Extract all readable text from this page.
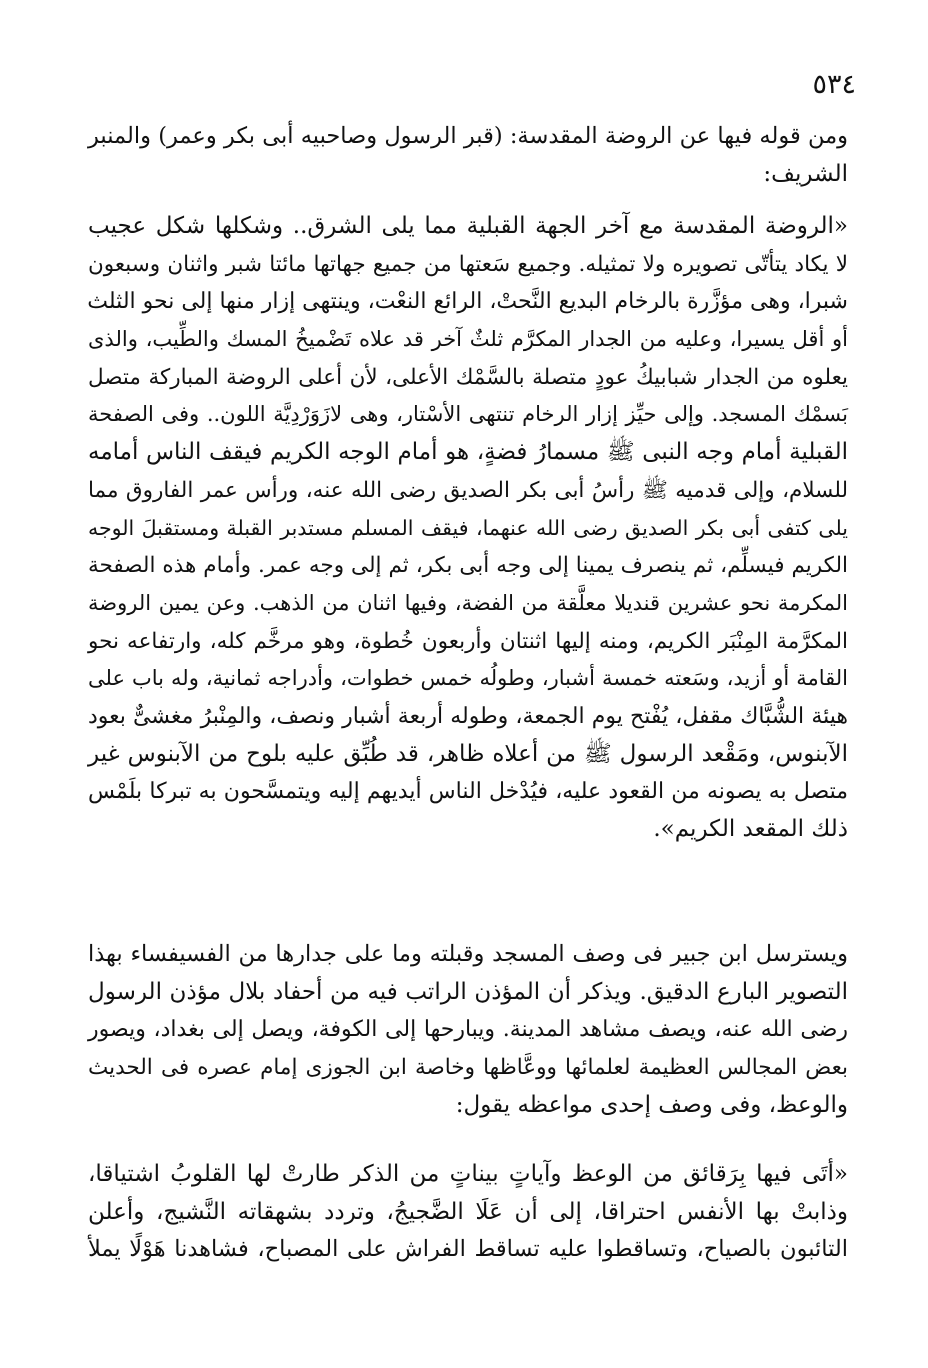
٥٣٤
ومن قوله فيها عن الروضة المقدسة: (قبر الرسول وصاحبيه أبى بكر وعمر) والمنبر
الشريف:
«الروضة المقدسة مع آخر الجهة القبلية مما يلى الشرق.. وشكلها شكل عجيب
لا يكاد يتأتّى تصويره ولا تمثيله. وجميع سَعتها من جميع جهاتها مائتا شبر واثنان وسبعون
شبرا، وهى مؤزَّرة بالرخام البديع النَّحتْ، الرائع النعْت، وينتهى إزار منها إلى نحو الثلث
أو أقل يسيرا، وعليه من الجدار المكرَّم ثلثٌ آخر قد علاه تَضْميخُ المسك والطِّيب، والذى
يعلوه من الجدار شبابيكُ عودٍ متصلة بالسَّمْك الأعلى، لأن أعلى الروضة المباركة متصل
بَسمْك المسجد. وإلى حيِّز إزار الرخام تنتهى الأسْتار، وهى لازَوَرْدِيَّة اللون.. وفى الصفحة
القبلية أمام وجه النبى ﷺ مسمارُ فضةٍ، هو أمام الوجه الكريم فيقف الناس أمامه
للسلام، وإلى قدميه ﷺ رأسُ أبى بكر الصديق رضى الله عنه، ورأس عمر الفاروق مما
يلى كتفى أبى بكر الصديق رضى الله عنهما، فيقف المسلم مستدبر القبلة ومستقبلَ الوجه
الكريم فيسلِّم، ثم ينصرف يمينا إلى وجه أبى بكر، ثم إلى وجه عمر. وأمام هذه الصفحة
المكرمة نحو عشرين قنديلا معلَّقة من الفضة، وفيها اثنان من الذهب. وعن يمين الروضة
المكرَّمة المِنْبَر الكريم، ومنه إليها اثنتان وأربعون خُطوة، وهو مرخَّم كله، وارتفاعه نحو
القامة أو أزيد، وسَعته خمسة أشبار، وطولُه خمس خطوات، وأدراجه ثمانية، وله باب على
هيئة الشُّبَّاك مقفل، يُفْتح يوم الجمعة، وطوله أربعة أشبار ونصف، والمِنْبرُ مغشىٌّ بعود
الآبنوس، ومَقْعد الرسول ﷺ من أعلاه ظاهر، قد طُبِّق عليه بلوح من الآبنوس غير
متصل به يصونه من القعود عليه، فيُدْخل الناس أيديهم إليه ويتمسَّحون به تبركا بلَمْس
ذلك المقعد الكريم».
ويسترسل ابن جبير فى وصف المسجد وقبلته وما على جدارها من الفسيفساء بهذا
التصوير البارع الدقيق. ويذكر أن المؤذن الراتب فيه من أحفاد بلال مؤذن الرسول
رضى الله عنه، ويصف مشاهد المدينة. ويبارحها إلى الكوفة، ويصل إلى بغداد، ويصور
بعض المجالس العظيمة لعلمائها ووعَّاظها وخاصة ابن الجوزى إمام عصره فى الحديث
والوعظ، وفى وصف إحدى مواعظه يقول:
«أتَى فيها بِرَقائق من الوعظ وآياتٍ بيناتٍ من الذكر طارتْ لها القلوبُ اشتياقا،
وذابتْ بها الأنفس احتراقا، إلى أن عَلَا الضَّجيجُ، وتردد بشهقاته النَّشيج، وأعلن
التائبون بالصياح، وتساقطوا عليه تساقط الفراش على المصباح، فشاهدنا هَوْلًا يملأ
